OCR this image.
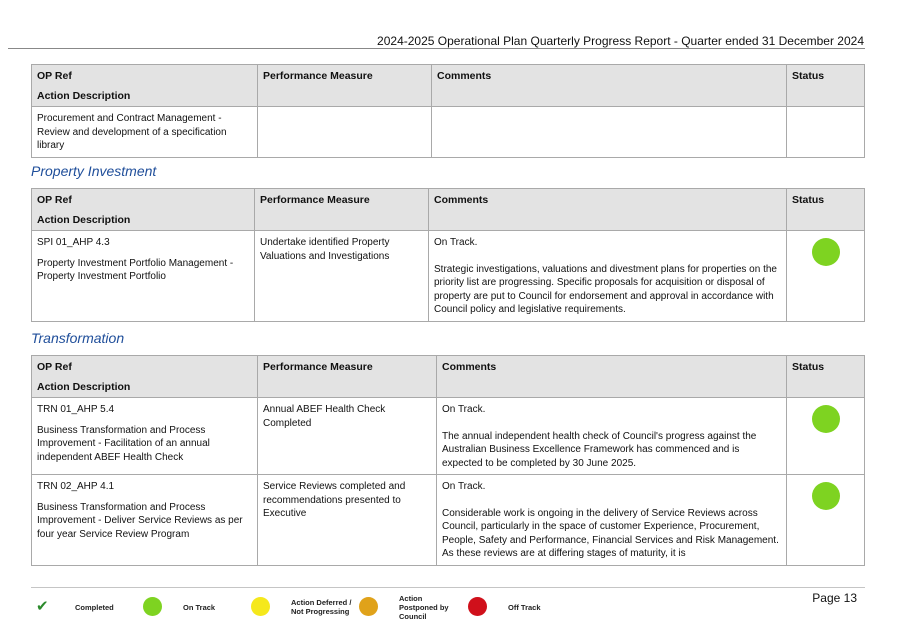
2024-2025 Operational Plan Quarterly Progress Report - Quarter ended 31 December 2024
OP Ref
Action Description	Performance Measure	Comments	Status
Procurement and Contract Management - Review and development of a specification library			
Property Investment
OP Ref
Action Description	Performance Measure	Comments	Status
SPI 01_AHP 4.3
Property Investment Portfolio Management - Property Investment Portfolio	Undertake identified Property Valuations and Investigations	On Track.
Strategic investigations, valuations and divestment plans for properties on the priority list are progressing. Specific proposals for acquisition or disposal of property are put to Council for endorsement and approval in accordance with Council policy and legislative requirements.	
Transformation
OP Ref
Action Description	Performance Measure	Comments	Status
TRN 01_AHP 5.4
Business Transformation and Process Improvement - Facilitation of an annual independent ABEF Health Check	Annual ABEF Health Check Completed	On Track.
The annual independent health check of Council's progress against the Australian Business Excellence Framework has commenced and is expected to be completed by 30 June 2025.	

TRN 02_AHP 4.1
Business Transformation and Process Improvement - Deliver Service Reviews as per four year Service Review Program	Service Reviews completed and recommendations presented to Executive	On Track.
Considerable work is ongoing in the delivery of Service Reviews across Council, particularly in the space of customer Experience, Procurement, People, Safety and Performance, Financial Services and Risk Management. As these reviews are at differing stages of maturity, it is	
✔	Completed	On Track
Action Deferred /
Not Progressing
Action
Postponed by
Council
Off Track
Page 13
